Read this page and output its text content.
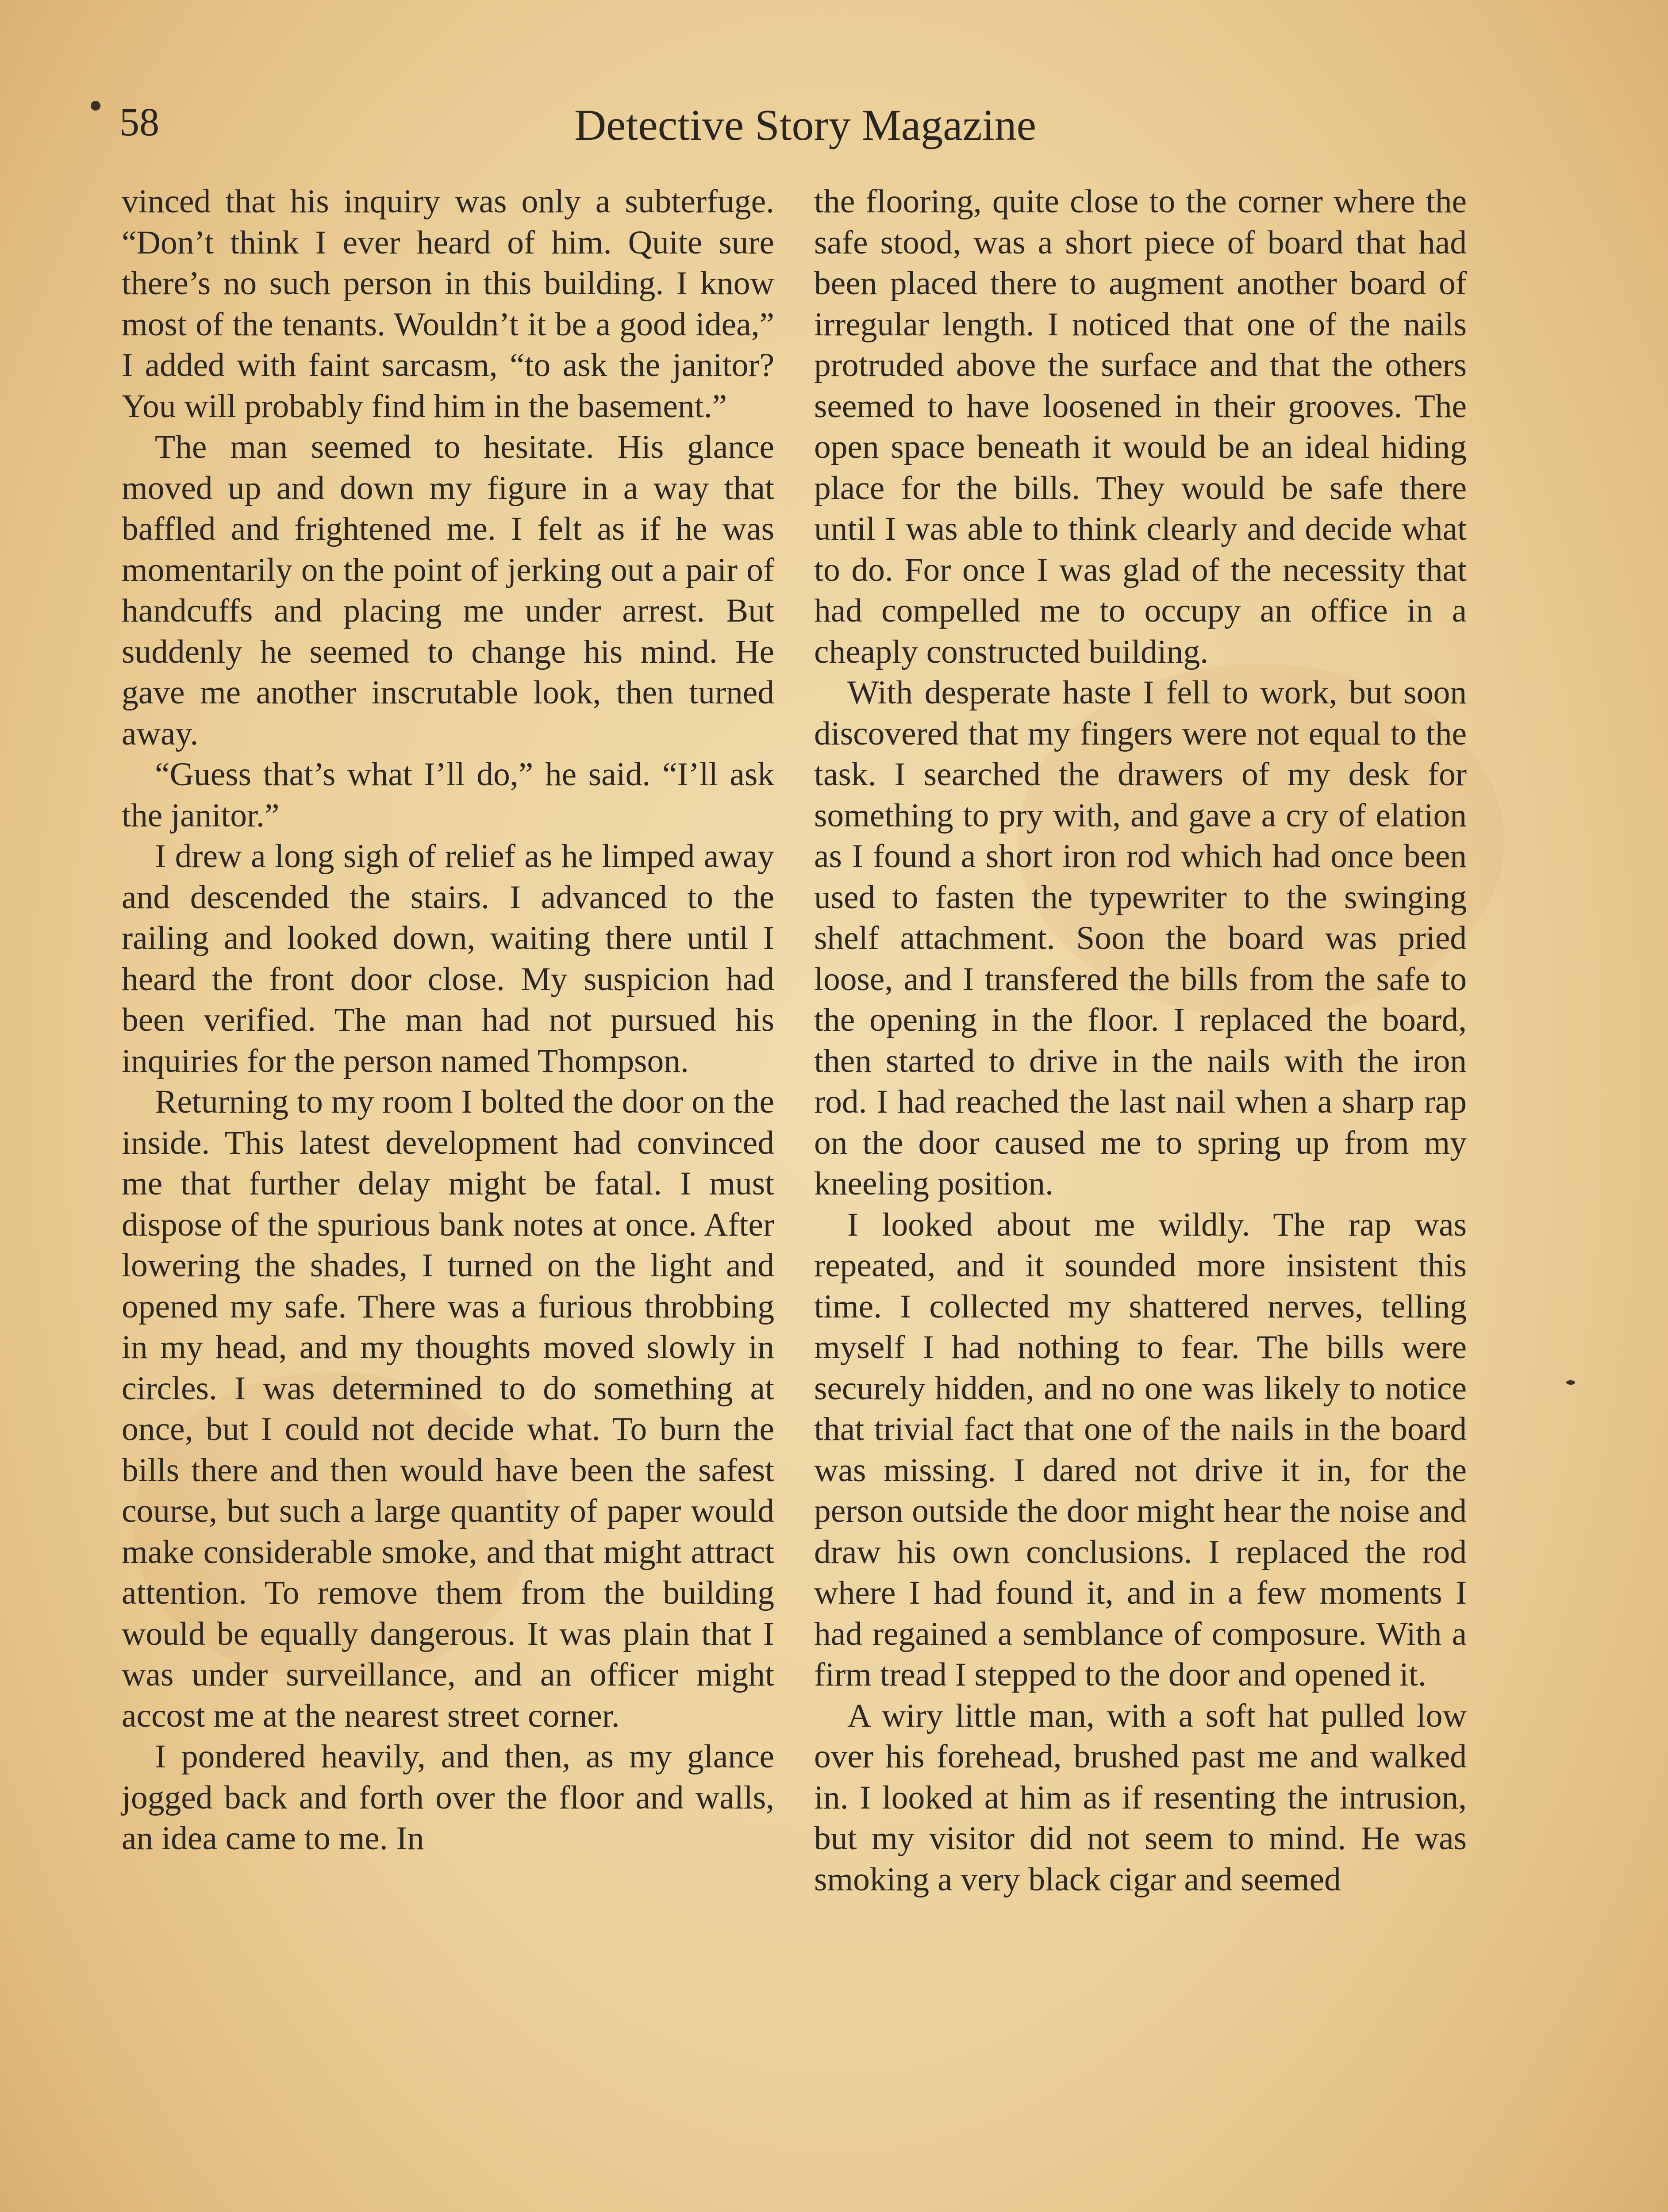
58	Detective Story Magazine

vinced that his inquiry was only a subterfuge. “Don’t think I ever heard of him. Quite sure there’s no such person in this building. I know most of the tenants. Wouldn’t it be a good idea,” I added with faint sarcasm, “to ask the janitor? You will probably find him in the basement.”

The man seemed to hesitate. His glance moved up and down my figure in a way that baffled and frightened me. I felt as if he was momentarily on the point of jerking out a pair of handcuffs and placing me under arrest. But suddenly he seemed to change his mind. He gave me another inscrutable look, then turned away.

“Guess that’s what I’ll do,” he said. “I’ll ask the janitor.”

I drew a long sigh of relief as he limped away and descended the stairs. I advanced to the railing and looked down, waiting there until I heard the front door close. My suspicion had been verified. The man had not pursued his inquiries for the person named Thompson.

Returning to my room I bolted the door on the inside. This latest development had convinced me that further delay might be fatal. I must dispose of the spurious bank notes at once. After lowering the shades, I turned on the light and opened my safe. There was a furious throbbing in my head, and my thoughts moved slowly in circles. I was determined to do something at once, but I could not decide what. To burn the bills there and then would have been the safest course, but such a large quantity of paper would make considerable smoke, and that might attract attention. To remove them from the building would be equally dangerous. It was plain that I was under surveillance, and an officer might accost me at the nearest street corner.

I pondered heavily, and then, as my glance jogged back and forth over the floor and walls, an idea came to me. In

the flooring, quite close to the corner where the safe stood, was a short piece of board that had been placed there to augment another board of irregular length. I noticed that one of the nails protruded above the surface and that the others seemed to have loosened in their grooves. The open space beneath it would be an ideal hiding place for the bills. They would be safe there until I was able to think clearly and decide what to do. For once I was glad of the necessity that had compelled me to occupy an office in a cheaply constructed building.

With desperate haste I fell to work, but soon discovered that my fingers were not equal to the task. I searched the drawers of my desk for something to pry with, and gave a cry of elation as I found a short iron rod which had once been used to fasten the typewriter to the swinging shelf attachment. Soon the board was pried loose, and I transfered the bills from the safe to the opening in the floor. I replaced the board, then started to drive in the nails with the iron rod. I had reached the last nail when a sharp rap on the door caused me to spring up from my kneeling position.

I looked about me wildly. The rap was repeated, and it sounded more insistent this time. I collected my shattered nerves, telling myself I had nothing to fear. The bills were securely hidden, and no one was likely to notice that trivial fact that one of the nails in the board was missing. I dared not drive it in, for the person outside the door might hear the noise and draw his own conclusions. I replaced the rod where I had found it, and in a few moments I had regained a semblance of composure. With a firm tread I stepped to the door and opened it.

A wiry little man, with a soft hat pulled low over his forehead, brushed past me and walked in. I looked at him as if resenting the intrusion, but my visitor did not seem to mind. He was smoking a very black cigar and seemed
